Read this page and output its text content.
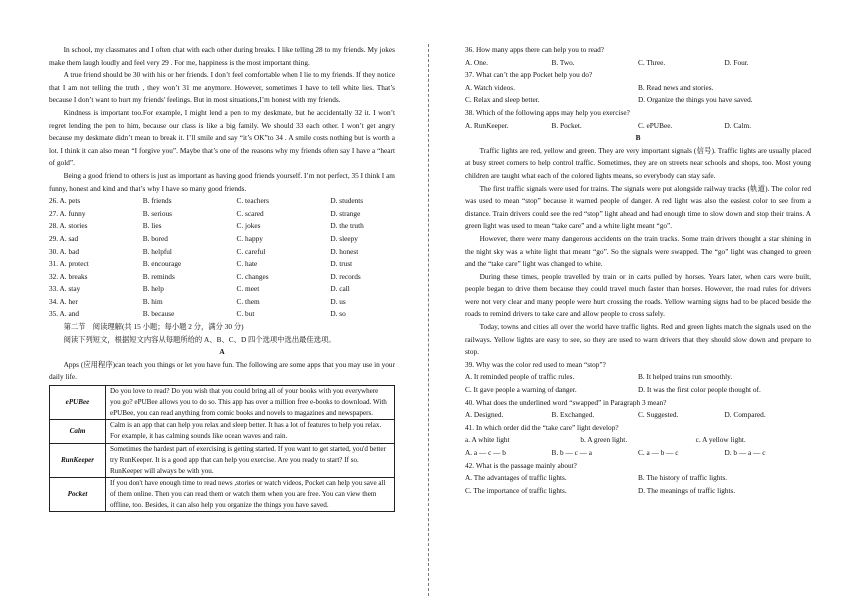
In school, my classmates and I often chat with each other during breaks. I like telling 28 to my friends. My jokes make them laugh loudly and feel very 29 . For me, happiness is the most important thing.

A true friend should be 30 with his or her friends. I don’t feel comfortable when I lie to my friends. If they notice that I am not telling the truth , they won’t 31 me anymore. However, sometimes I have to tell white lies. That’s because I don’t want to hurt my friends' feelings. But in most situations,I’m honest with my friends.

Kindness is important too.For example, I might lend a pen to my deskmate, but he accidentally 32 it. I won’t regret lending the pen to him, because our class is like a big family. We should 33 each other. I won’t get angry because my deskmate didn’t mean to break it. I’ll smile and say “it’s OK”to 34 . A smile costs nothing but is worth a lot. I think it can also mean “I forgive you”. Maybe that’s one of the reasons why my friends often say I have a “heart of gold”.

Being a good friend to others is just as important as having good friends yourself. I’m not perfect, 35 I think I am funny, honest and kind and that’s why I have so many good friends.

26. A. pets	B. friends	C. teachers	D. students
27. A. funny	B. serious	C. scared	D. strange
28. A. stories	B. lies	C. jokes	D. the truth
29. A. sad	B. bored	C. happy	D. sleepy
30. A. bad	B. helpful	C. careful	D. honest
31. A. protect	B. encourage	C. hate	D. trust
32. A. breaks	B. reminds	C. changes	D. records
33. A. stay	B. help	C. meet	D. call
34. A. her	B. him	C. them	D. us
35. A. and	B. because	C. but	D. so

第二节　阅读理解(共 15 小题；每小题 2 分，满分 30 分)

阅读下列短文，根据短文内容从每题所给的 A、B、C、D 四个选项中选出最佳选项。

A

Apps (应用程序)can teach you things or let you have fun. The following are some apps that you may use in your daily life.

ePUBee	Do you love to read? Do you wish that you could bring all of your books with you everywhere you go? ePUBee allows you to do so. This app has over a million free e-books to download. With ePUBee, you can read anything from comic books and novels to magazines and newspapers.
Calm	Calm is an app that can help you relax and sleep better. It has a lot of features to help you relax. For example, it has calming sounds like ocean waves and rain.
RunKeeper	Sometimes the hardest part of exercising is getting started. If you want to get started, you'd better try RunKeeper. It is a good app that can help you exercise. Are you ready to start? If so. RunKeeper will always be with you.
Pocket	If you don't have enough time to read news ,stories or watch videos, Pocket can help you save all of them online. Then you can read them or watch them when you are free. You can view them offline, too. Besides, it can also help you organize the things you have saved.

36. How many apps there can help you to read?

A. One.	B. Two.	C. Three.	D. Four.

37. What can’t the app Pocket help you do?

A. Watch videos.	B. Read news and stories.
C. Relax and sleep better.	D. Organize the things you have saved.

38. Which of the following apps may help you exercise?

A. RunKeeper.	B. Pocket.	C. ePUBee.	D. Calm.
B

Traffic lights are red, yellow and green. They are very important signals (信号). Traffic lights are usually placed at busy street corners to help control traffic. Sometimes, they are on streets near schools and shops, too. Most young children are taught what each of the colored lights means, so everybody can stay safe.

The first traffic signals were used for trains. The signals were put alongside railway tracks (轨道). The color red was used to mean “stop” because it warned people of danger. A red light was also the easiest color to see from a distance. Train drivers could see the red “stop” light ahead and had enough time to slow down and stop their trains. A green light was used to mean “take care” and a white light meant “go”.

However, there were many dangerous accidents on the train tracks. Some train drivers thought a star shining in the night sky was a white light that meant “go”. So the signals were swapped. The “go” light was changed to green and the “take care” light was changed to white.

During these times, people travelled by train or in carts pulled by horses. Years later, when cars were built, people began to drive them because they could travel much faster than horses. However, the road rules for drivers were not very clear and many people were hurt crossing the roads. Yellow warning signs had to be placed beside the roads to remind drivers to take care and allow people to cross safely.

Today, towns and cities all over the world have traffic lights. Red and green lights match the signals used on the railways. Yellow lights are easy to see, so they are used to warn drivers that they should slow down and prepare to stop.

39. Why was the color red used to mean “stop”?

A. It reminded people of traffic rules.	B. It helped trains run smoothly.
C. It gave people a warning of danger.	D. It was the first color people thought of.

40. What does the underlined word “swapped” in Paragraph 3 mean?

A. Designed.	B. Exchanged.	C. Suggested.	D. Compared.

41. In which order did the “take care” light develop?

a. A white light	b. A green light.	c. A yellow light.
A. a — c — b	B. b — c — a	C. a — b — c	D. b — a — c

42. What is the passage mainly about?

A. The advantages of traffic lights.	B. The history of traffic lights.
C. The importance of traffic lights.	D. The meanings of traffic lights.
